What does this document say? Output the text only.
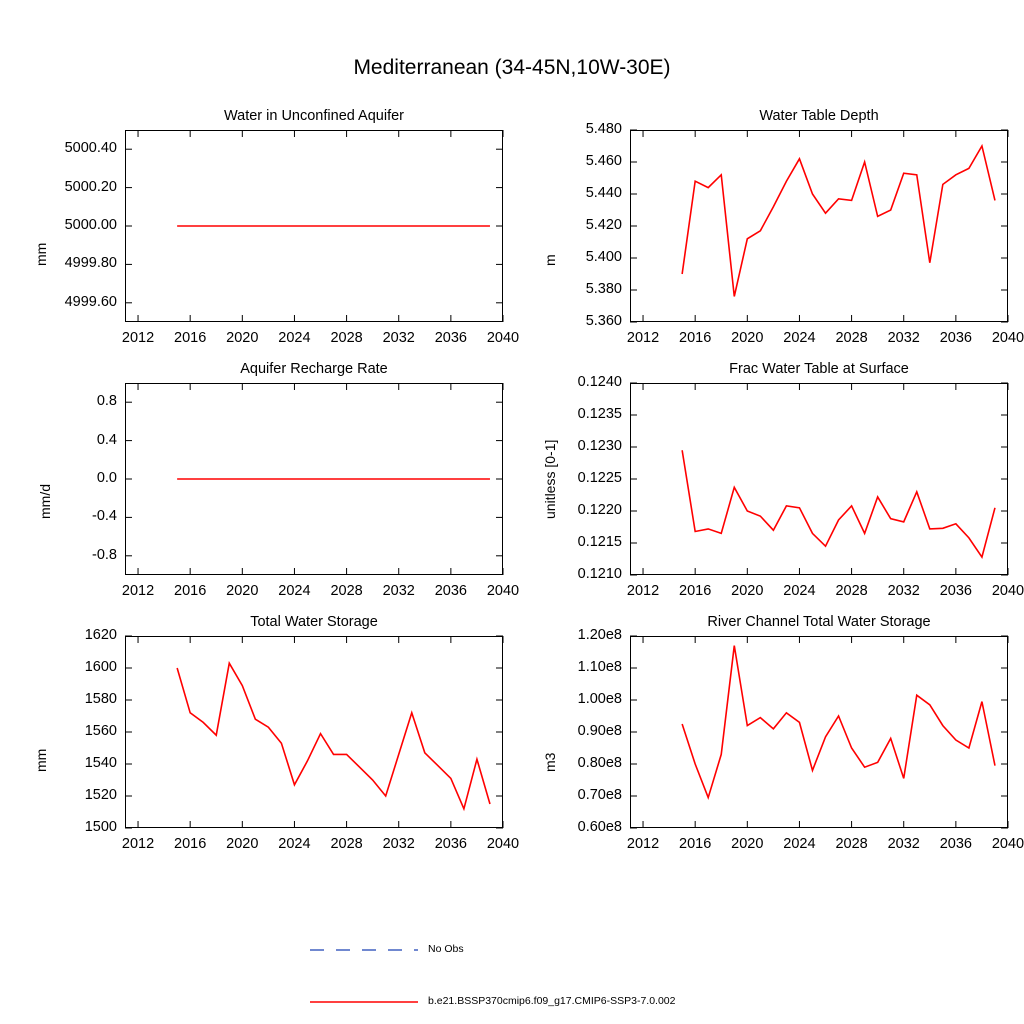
Mediterranean (34-45N,10W-30E)
Water in Unconfined Aquifer
4999.60
4999.80
5000.00
5000.20
5000.40
2012	2016	2020	2024	2028	2032	2036	2040
mm
Water Table Depth
5.360
5.380
5.400
5.420
5.440
5.460
5.480
2012	2016	2020	2024	2028	2032	2036	2040
m
Aquifer Recharge Rate
-0.8
-0.4
0.0
0.4
0.8
2012	2016	2020	2024	2028	2032	2036	2040
mm/d
Frac Water Table at Surface
0.1210
0.1215
0.1220
0.1225
0.1230
0.1235
0.1240
2012	2016	2020	2024	2028	2032	2036	2040
unitless [0-1]
Total Water Storage
1500
1520
1540
1560
1580
1600
1620
2012	2016	2020	2024	2028	2032	2036	2040
mm
River Channel Total Water Storage
0.60e8
0.70e8
0.80e8
0.90e8
1.00e8
1.10e8
1.20e8
2012	2016	2020	2024	2028	2032	2036	2040
m3
No Obs
b.e21.BSSP370cmip6.f09_g17.CMIP6-SSP3-7.0.002
